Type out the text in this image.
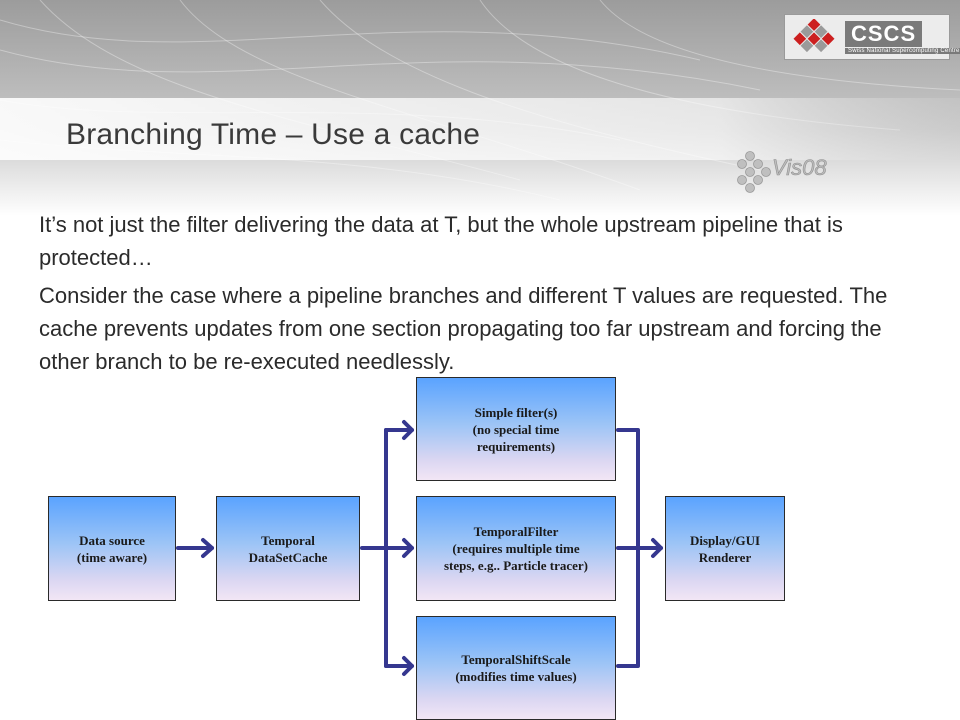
CSCS
Swiss National Supercomputing Centre
Vis08
Branching Time – Use a cache
It’s not just the filter delivering the data at T, but the whole upstream pipeline that is protected…
Consider the case where a pipeline branches and different T values are requested. The cache prevents updates from one section propagating too far upstream and forcing the other branch to be re-executed needlessly.
Data source
(time aware)
Temporal
DataSetCache
Simple filter(s)
(no special time
requirements)
TemporalFilter
(requires multiple time
steps, e.g.. Particle tracer)
TemporalShiftScale
(modifies time values)
Display/GUI
Renderer
